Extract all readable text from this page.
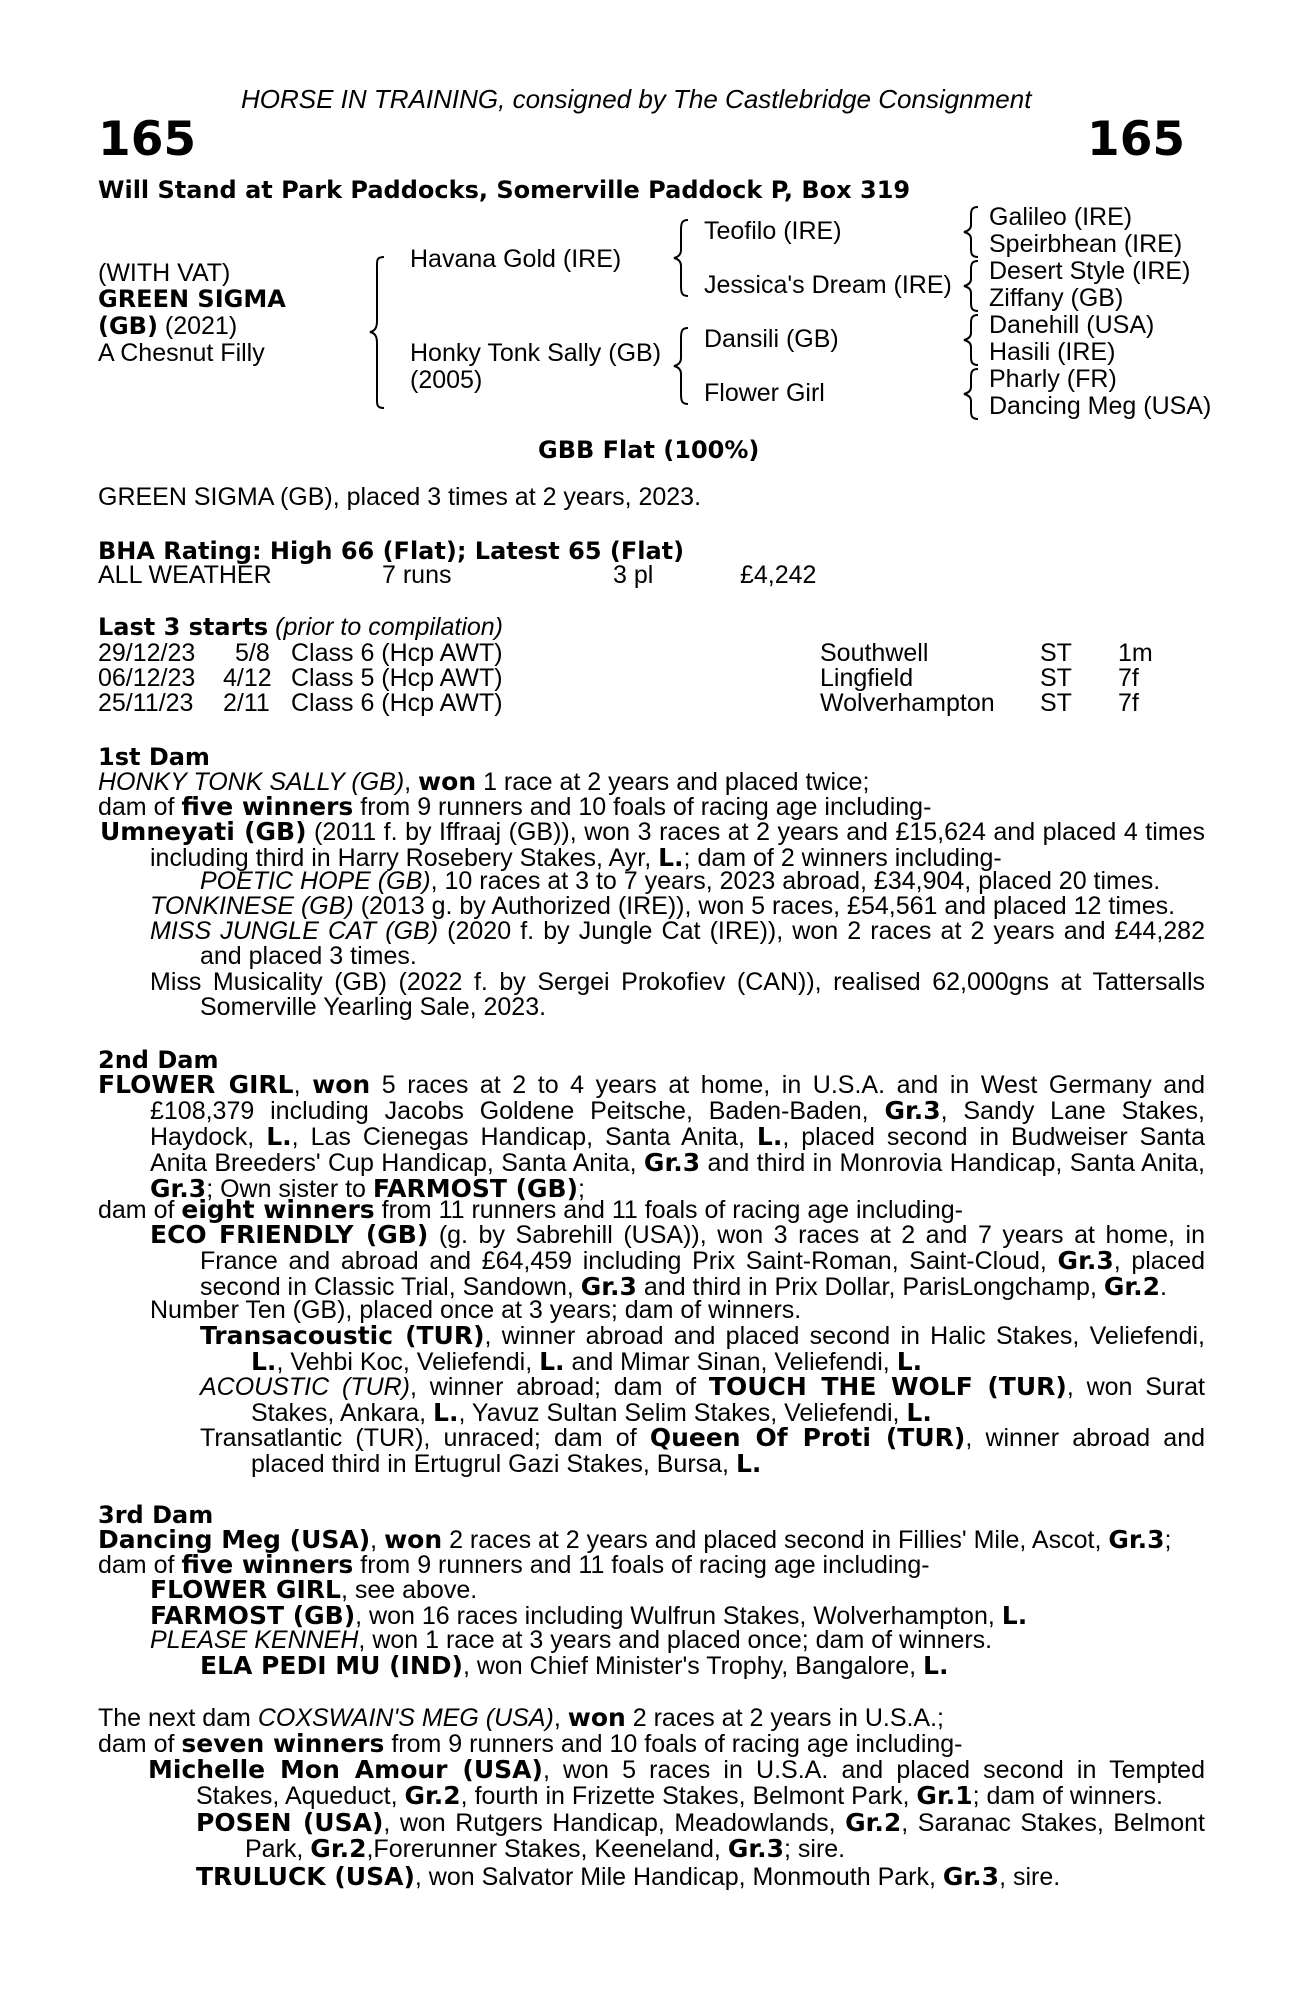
HORSE IN TRAINING, consigned by The Castlebridge Consignment
165	165
Will Stand at Park Paddocks, Somerville Paddock P, Box 319
(WITH VAT)
GREEN SIGMA
(GB) (2021)
A Chesnut Filly
Havana Gold (IRE)
Honky Tonk Sally (GB)
(2005)
Teofilo (IRE)
Jessica's Dream (IRE)
Dansili (GB)
Flower Girl
Galileo (IRE)
Speirbhean (IRE)
Desert Style (IRE)
Ziffany (GB)
Danehill (USA)
Hasili (IRE)
Pharly (FR)
Dancing Meg (USA)
GBB Flat (100%)
GREEN SIGMA (GB), placed 3 times at 2 years, 2023.
BHA Rating: High 66 (Flat); Latest 65 (Flat)
ALL WEATHER	7 runs	3 pl	£4,242
Last 3 starts (prior to compilation)
29/12/23 5/8 Class 6 (Hcp AWT)	Southwell	ST 1m
06/12/23 4/12 Class 5 (Hcp AWT)	Lingfield	ST 7f
25/11/23 2/11 Class 6 (Hcp AWT)	Wolverhampton ST 7f
1st Dam
HONKY TONK SALLY (GB), won 1 race at 2 years and placed twice;
dam of five winners from 9 runners and 10 foals of racing age including-
Umneyati (GB) (2011 f. by Iffraaj (GB)), won 3 races at 2 years and £15,624 and placed 4 times including third in Harry Rosebery Stakes, Ayr, L.; dam of 2 winners including-
POETIC HOPE (GB), 10 races at 3 to 7 years, 2023 abroad, £34,904, placed 20 times.
TONKINESE (GB) (2013 g. by Authorized (IRE)), won 5 races, £54,561 and placed 12 times.
MISS JUNGLE CAT (GB) (2020 f. by Jungle Cat (IRE)), won 2 races at 2 years and £44,282 and placed 3 times.
Miss Musicality (GB) (2022 f. by Sergei Prokofiev (CAN)), realised 62,000gns at Tattersalls Somerville Yearling Sale, 2023.
2nd Dam
FLOWER GIRL, won 5 races at 2 to 4 years at home, in U.S.A. and in West Germany and £108,379 including Jacobs Goldene Peitsche, Baden-Baden, Gr.3, Sandy Lane Stakes, Haydock, L., Las Cienegas Handicap, Santa Anita, L., placed second in Budweiser Santa Anita Breeders' Cup Handicap, Santa Anita, Gr.3 and third in Monrovia Handicap, Santa Anita, Gr.3; Own sister to FARMOST (GB);
dam of eight winners from 11 runners and 11 foals of racing age including-
ECO FRIENDLY (GB) (g. by Sabrehill (USA)), won 3 races at 2 and 7 years at home, in France and abroad and £64,459 including Prix Saint-Roman, Saint-Cloud, Gr.3, placed second in Classic Trial, Sandown, Gr.3 and third in Prix Dollar, ParisLongchamp, Gr.2.
Number Ten (GB), placed once at 3 years; dam of winners.
Transacoustic (TUR), winner abroad and placed second in Halic Stakes, Veliefendi, L., Vehbi Koc, Veliefendi, L. and Mimar Sinan, Veliefendi, L.
ACOUSTIC (TUR), winner abroad; dam of TOUCH THE WOLF (TUR), won Surat Stakes, Ankara, L., Yavuz Sultan Selim Stakes, Veliefendi, L.
Transatlantic (TUR), unraced; dam of Queen Of Proti (TUR), winner abroad and placed third in Ertugrul Gazi Stakes, Bursa, L.
3rd Dam
Dancing Meg (USA), won 2 races at 2 years and placed second in Fillies' Mile, Ascot, Gr.3;
dam of five winners from 9 runners and 11 foals of racing age including-
FLOWER GIRL, see above.
FARMOST (GB), won 16 races including Wulfrun Stakes, Wolverhampton, L.
PLEASE KENNEH, won 1 race at 3 years and placed once; dam of winners.
ELA PEDI MU (IND), won Chief Minister's Trophy, Bangalore, L.
The next dam COXSWAIN'S MEG (USA), won 2 races at 2 years in U.S.A.;
dam of seven winners from 9 runners and 10 foals of racing age including-
Michelle Mon Amour (USA), won 5 races in U.S.A. and placed second in Tempted Stakes, Aqueduct, Gr.2, fourth in Frizette Stakes, Belmont Park, Gr.1; dam of winners.
POSEN (USA), won Rutgers Handicap, Meadowlands, Gr.2, Saranac Stakes, Belmont Park, Gr.2,Forerunner Stakes, Keeneland, Gr.3; sire.
TRULUCK (USA), won Salvator Mile Handicap, Monmouth Park, Gr.3, sire.
